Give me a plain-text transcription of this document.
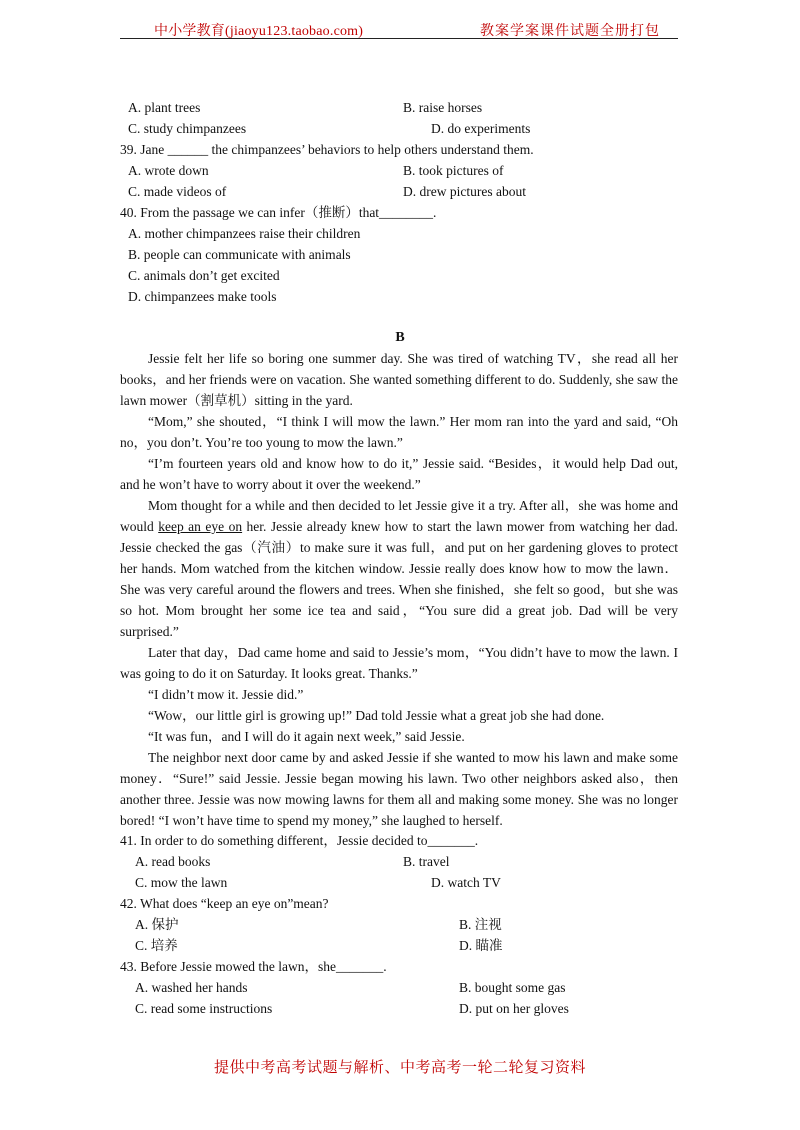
中小学教育(jiaoyu123.taobao.com)	教案学案课件试题全册打包
A. plant trees	B. raise horses
C. study chimpanzees	D. do experiments
39. Jane ______ the chimpanzees’ behaviors to help others understand them.
A. wrote down	B. took pictures of
C. made videos of	D. drew pictures about
40. From the passage we can infer（推断）that________.
A. mother chimpanzees raise their children
B. people can communicate with animals
C. animals don’t get excited
D. chimpanzees make tools
B
Jessie felt her life so boring one summer day. She was tired of watching TV，she read all her books，and her friends were on vacation. She wanted something different to do. Suddenly, she saw the lawn mower（割草机）sitting in the yard.
“Mom,” she shouted，“I think I will mow the lawn.” Her mom ran into the yard and said, “Oh no，you don’t. You’re too young to mow the lawn.”
“I’m fourteen years old and know how to do it,” Jessie said. “Besides，it would help Dad out, and he won’t have to worry about it over the weekend.”
Mom thought for a while and then decided to let Jessie give it a try. After all，she was home and would keep an eye on her. Jessie already knew how to start the lawn mower from watching her dad. Jessie checked the gas（汽油）to make sure it was full，and put on her gardening gloves to protect her hands. Mom watched from the kitchen window. Jessie really does know how to mow the lawn．She was very careful around the flowers and trees. When she finished，she felt so good，but she was so hot. Mom brought her some ice tea and said，“You sure did a great job. Dad will be very surprised.”
Later that day，Dad came home and said to Jessie’s mom，“You didn’t have to mow the lawn. I was going to do it on Saturday. It looks great. Thanks.”
“I didn’t mow it. Jessie did.”
“Wow，our little girl is growing up!” Dad told Jessie what a great job she had done.
“It was fun，and I will do it again next week,” said Jessie.
The neighbor next door came by and asked Jessie if she wanted to mow his lawn and make some money．“Sure!” said Jessie. Jessie began mowing his lawn. Two other neighbors asked also，then another three. Jessie was now mowing lawns for them all and making some money. She was no longer bored! “I won’t have time to spend my money,” she laughed to herself.
41. In order to do something different，Jessie decided to_______.
A. read books	B. travel
C. mow the lawn	D. watch TV
42. What does “keep an eye on”mean?
A. 保护	B. 注视
C. 培养	D. 瞄准
43. Before Jessie mowed the lawn，she_______.
A. washed her hands	B. bought some gas
C. read some instructions	D. put on her gloves
提供中考高考试题与解析、中考高考一轮二轮复习资料
